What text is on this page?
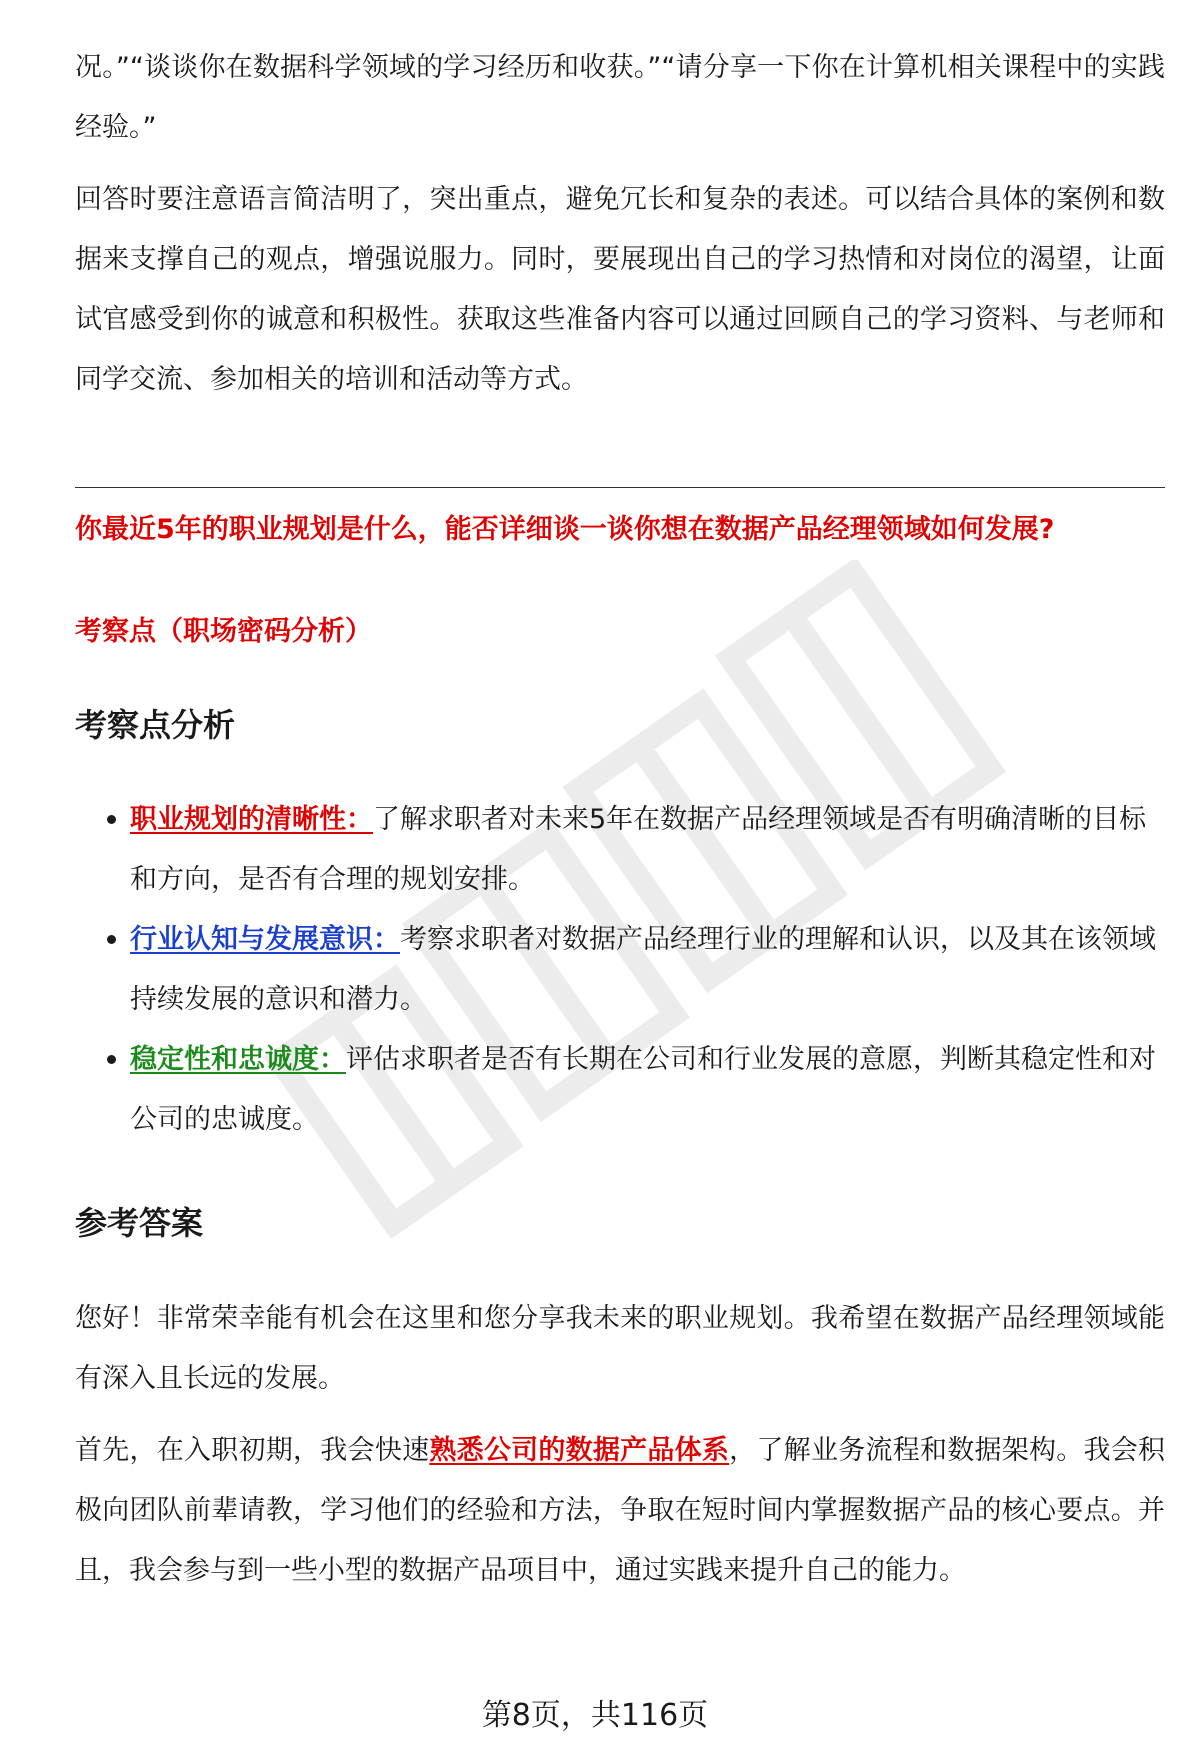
况。”“谈谈你在数据科学领域的学习经历和收获。”“请分享一下你在计算机相关课程中的实践经验。”

回答时要注意语言简洁明了，突出重点，避免冗长和复杂的表述。可以结合具体的案例和数据来支撑自己的观点，增强说服力。同时，要展现出自己的学习热情和对岗位的渴望，让面试官感受到你的诚意和积极性。获取这些准备内容可以通过回顾自己的学习资料、与老师和同学交流、参加相关的培训和活动等方式。

你最近5年的职业规划是什么，能否详细谈一谈你想在数据产品经理领域如何发展?
考察点（职场密码分析）
考察点分析
职业规划的清晰性：了解求职者对未来5年在数据产品经理领域是否有明确清晰的目标和方向，是否有合理的规划安排。
行业认知与发展意识：考察求职者对数据产品经理行业的理解和认识，以及其在该领域持续发展的意识和潜力。
稳定性和忠诚度：评估求职者是否有长期在公司和行业发展的意愿，判断其稳定性和对公司的忠诚度。
参考答案

您好！非常荣幸能有机会在这里和您分享我未来的职业规划。我希望在数据产品经理领域能有深入且长远的发展。

首先，在入职初期，我会快速熟悉公司的数据产品体系，了解业务流程和数据架构。我会积极向团队前辈请教，学习他们的经验和方法，争取在短时间内掌握数据产品的核心要点。并且，我会参与到一些小型的数据产品项目中，通过实践来提升自己的能力。

第8页，共116页
